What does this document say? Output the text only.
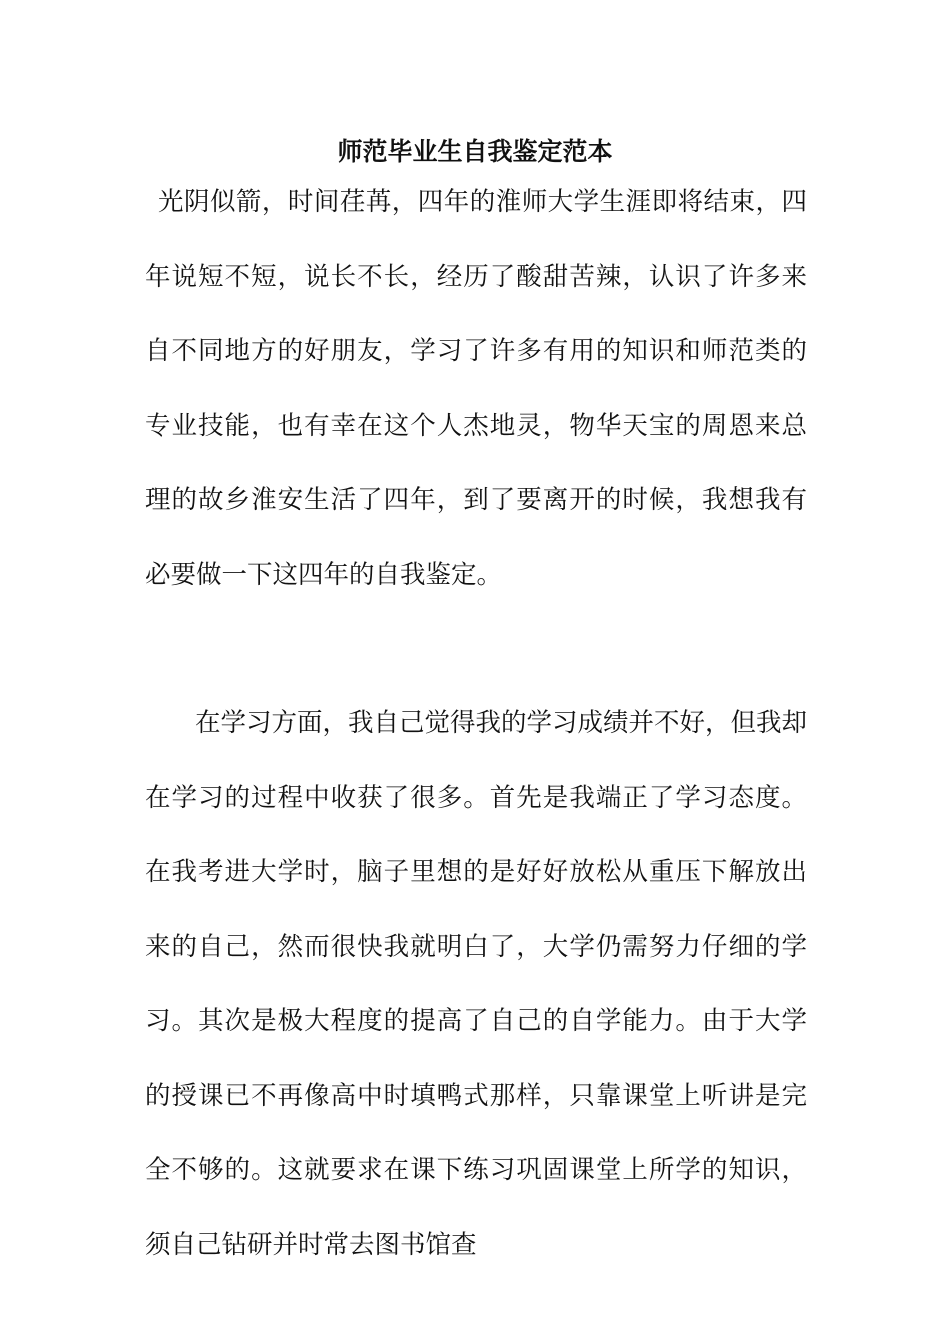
师范毕业生自我鉴定范本

光阴似箭，时间荏苒，四年的淮师大学生涯即将结束，四年说短不短，说长不长，经历了酸甜苦辣，认识了许多来自不同地方的好朋友，学习了许多有用的知识和师范类的专业技能，也有幸在这个人杰地灵，物华天宝的周恩来总理的故乡淮安生活了四年，到了要离开的时候，我想我有必要做一下这四年的自我鉴定。

在学习方面，我自己觉得我的学习成绩并不好，但我却在学习的过程中收获了很多。首先是我端正了学习态度。在我考进大学时，脑子里想的是好好放松从重压下解放出来的自己，然而很快我就明白了，大学仍需努力仔细的学习。其次是极大程度的提高了自己的自学能力。由于大学的授课已不再像高中时填鸭式那样，只靠课堂上听讲是完全不够的。这就要求在课下练习巩固课堂上所学的知识，须自己钻研并时常去图书馆查
